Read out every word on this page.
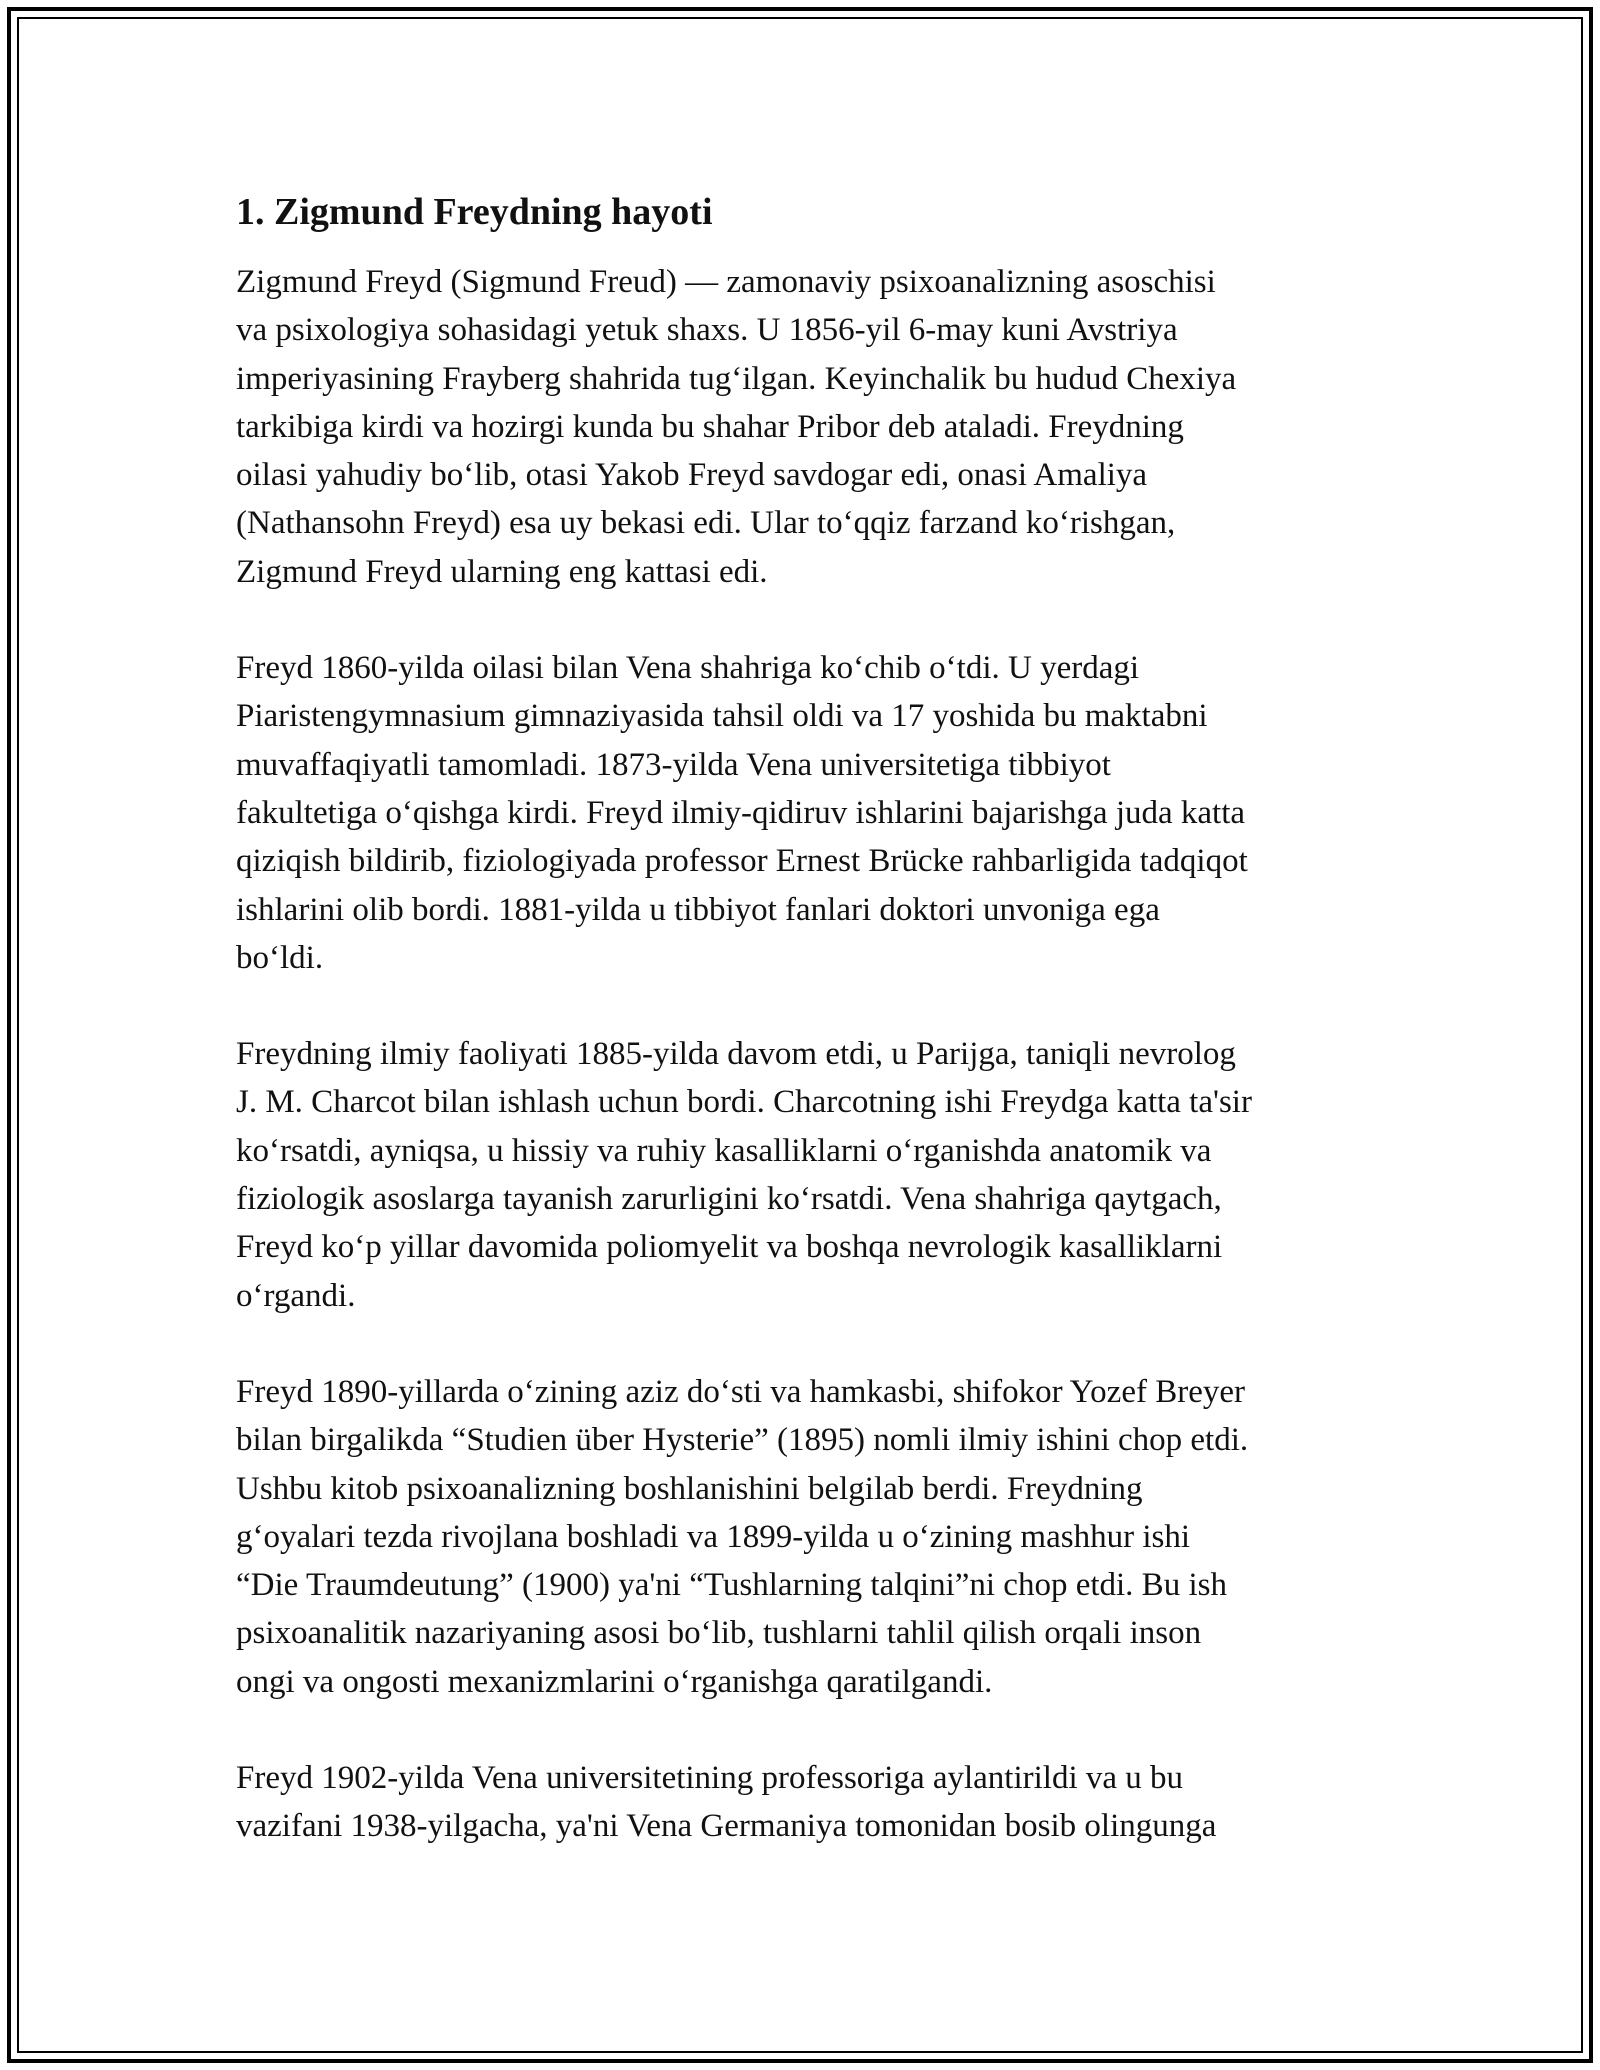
1. Zigmund Freydning hayoti
Zigmund Freyd (Sigmund Freud) — zamonaviy psixoanalizning asoschisi
va psixologiya sohasidagi yetuk shaxs. U 1856-yil 6-may kuni Avstriya
imperiyasining Frayberg shahrida tug‘ilgan. Keyinchalik bu hudud Chexiya
tarkibiga kirdi va hozirgi kunda bu shahar Pribor deb ataladi. Freydning
oilasi yahudiy bo‘lib, otasi Yakob Freyd savdogar edi, onasi Amaliya
(Nathansohn Freyd) esa uy bekasi edi. Ular to‘qqiz farzand ko‘rishgan,
Zigmund Freyd ularning eng kattasi edi.
Freyd 1860-yilda oilasi bilan Vena shahriga ko‘chib o‘tdi. U yerdagi
Piaristengymnasium gimnaziyasida tahsil oldi va 17 yoshida bu maktabni
muvaffaqiyatli tamomladi. 1873-yilda Vena universitetiga tibbiyot
fakultetiga o‘qishga kirdi. Freyd ilmiy-qidiruv ishlarini bajarishga juda katta
qiziqish bildirib, fiziologiyada professor Ernest Brücke rahbarligida tadqiqot
ishlarini olib bordi. 1881-yilda u tibbiyot fanlari doktori unvoniga ega
bo‘ldi.
Freydning ilmiy faoliyati 1885-yilda davom etdi, u Parijga, taniqli nevrolog
J. M. Charcot bilan ishlash uchun bordi. Charcotning ishi Freydga katta ta'sir
ko‘rsatdi, ayniqsa, u hissiy va ruhiy kasalliklarni o‘rganishda anatomik va
fiziologik asoslarga tayanish zarurligini ko‘rsatdi. Vena shahriga qaytgach,
Freyd ko‘p yillar davomida poliomyelit va boshqa nevrologik kasalliklarni
o‘rgandi.
Freyd 1890-yillarda o‘zining aziz do‘sti va hamkasbi, shifokor Yozef Breyer
bilan birgalikda “Studien über Hysterie” (1895) nomli ilmiy ishini chop etdi.
Ushbu kitob psixoanalizning boshlanishini belgilab berdi. Freydning
g‘oyalari tezda rivojlana boshladi va 1899-yilda u o‘zining mashhur ishi
“Die Traumdeutung” (1900) ya'ni “Tushlarning talqini”ni chop etdi. Bu ish
psixoanalitik nazariyaning asosi bo‘lib, tushlarni tahlil qilish orqali inson
ongi va ongosti mexanizmlarini o‘rganishga qaratilgandi.
Freyd 1902-yilda Vena universitetining professoriga aylantirildi va u bu
vazifani 1938-yilgacha, ya'ni Vena Germaniya tomonidan bosib olingunga
